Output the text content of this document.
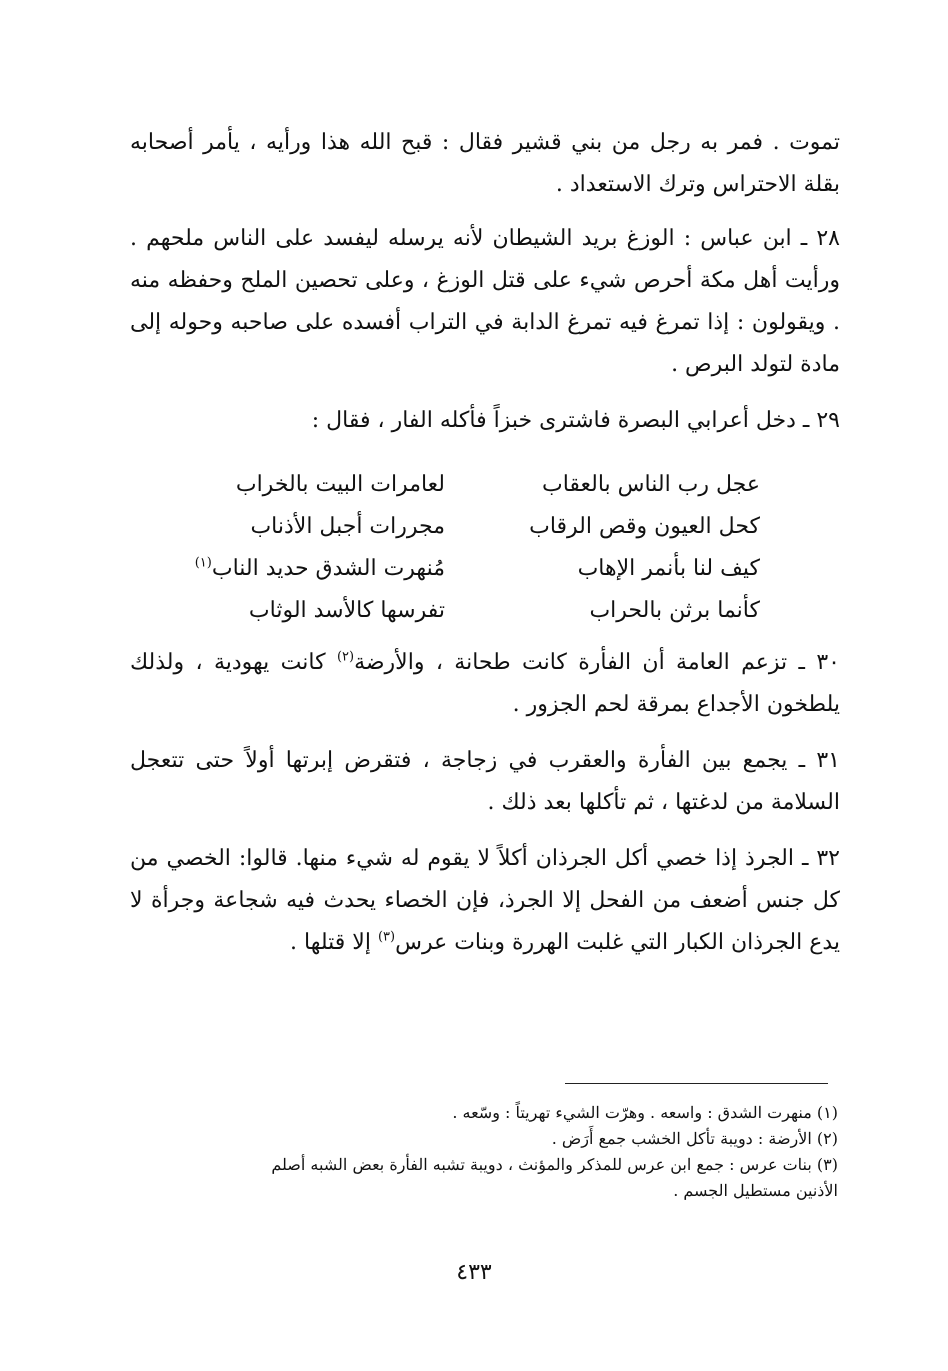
تموت . فمر به رجل من بني قشير فقال : قبح الله هذا ورأيه ، يأمر أصحابه بقلة الاحتراس وترك الاستعداد .

٢٨ ـ ابن عباس : الوزغ بريد الشيطان لأنه يرسله ليفسد على الناس ملحهم . ورأيت أهل مكة أحرص شيء على قتل الوزغ ، وعلى تحصين الملح وحفظه منه . ويقولون : إذا تمرغ فيه تمرغ الدابة في التراب أفسده على صاحبه وحوله إلى مادة لتولد البرص .

٢٩ ـ دخل أعرابي البصرة فاشترى خبزاً فأكله الفار ، فقال :

عجل رب الناس بالعقاب
لعامرات البيت بالخراب
كحل العيون وقص الرقاب
مجررات أجبل الأذناب
كيف لنا بأنمر الإهاب
مُنهرت الشدق حديد الناب$^{(١)}$
كأنما برثن بالحراب
تفرسها كالأسد الوثاب

٣٠ ـ تزعم العامة أن الفأرة كانت طحانة ، والأرضة$^{(٢)}$ كانت يهودية ، ولذلك يلطخون الأجداع بمرقة لحم الجزور .

٣١ ـ يجمع بين الفأرة والعقرب في زجاجة ، فتقرض إبرتها أولاً حتى تتعجل السلامة من لدغتها ، ثم تأكلها بعد ذلك .

٣٢ ـ الجرذ إذا خصي أكل الجرذان أكلاً لا يقوم له شيء منها. قالوا: الخصي من كل جنس أضعف من الفحل إلا الجرذ، فإن الخصاء يحدث فيه شجاعة وجرأة لا يدع الجرذان الكبار التي غلبت الهررة وبنات عرس$^{(٣)}$ إلا قتلها .

(١) منهرت الشدق : واسعه . وهرّت الشيء تهريتاً : وسّعه .

(٢) الأرضة : دويبة تأكل الخشب جمع أَرَض .

(٣) بنات عرس : جمع ابن عرس للمذكر والمؤنث ، دويبة تشبه الفأرة بعض الشبه أصلم

الأذنين مستطيل الجسم .

٤٣٣
